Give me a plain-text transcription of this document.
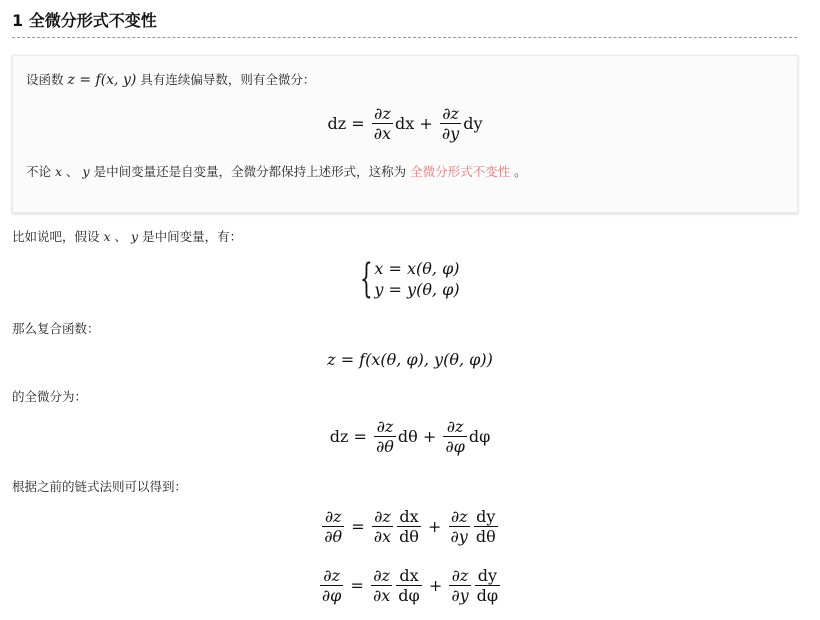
1 全微分形式不变性

设函数 z = f(x, y) 具有连续偏导数，则有全微分：

dz = $\frac{\partial z}{\partial x}$ dx + $\frac{\partial z}{\partial y}$ dy

不论 x 、 y 是中间变量还是自变量，全微分都保持上述形式，这称为 全微分形式不变性 。

比如说吧，假设 x 、 y 是中间变量，有：

{ x = x(θ, φ)
y = y(θ, φ)

那么复合函数：

z = f(x(θ, φ), y(θ, φ))

的全微分为：

dz = $\frac{\partial z}{\partial\theta}$ $d\theta + \frac{\partial z}{\partial\varphi}$ dφ

根据之前的链式法则可以得到：

$\frac{\partial z}{\partial\theta} = \frac{\partial z}{\partial x} \frac{dx}{d\theta} + \frac{\partial z}{\partial y} \frac{dy}{d\theta}$
$\frac{\partial z}{\partial\varphi} = \frac{\partial z}{\partial x} \frac{dx}{d\varphi} + \frac{\partial z}{\partial y} \frac{dy}{d\varphi}$
